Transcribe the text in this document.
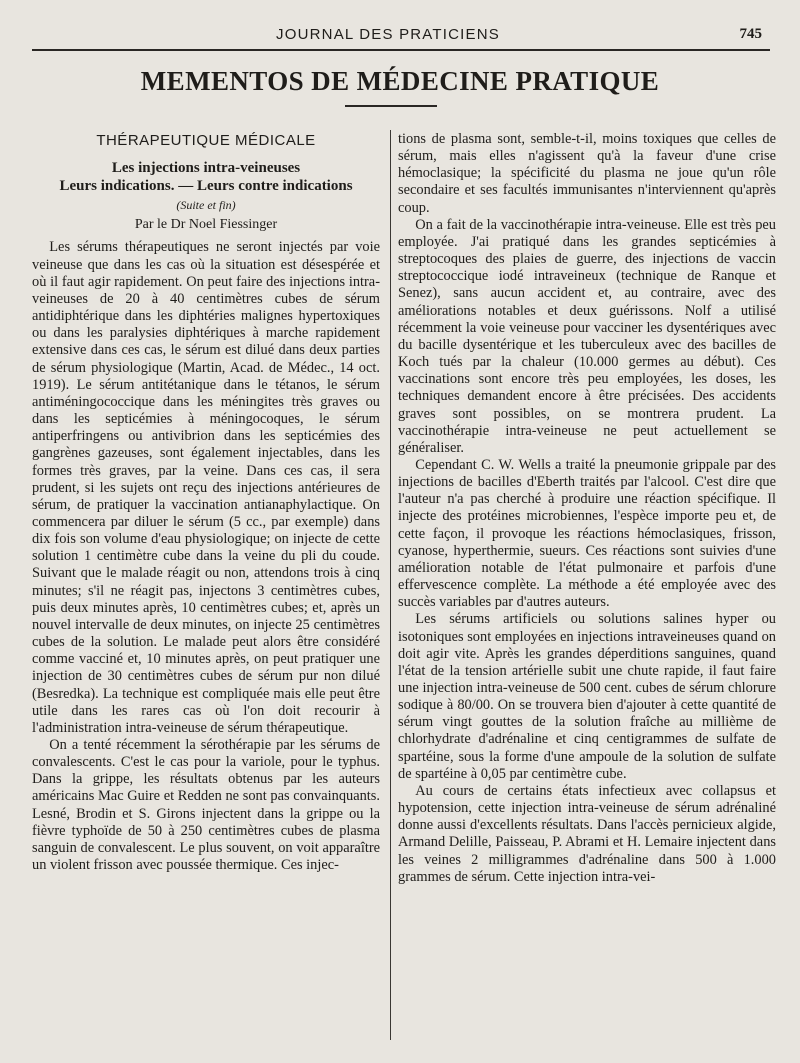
JOURNAL DES PRATICIENS	745
MEMENTOS DE MÉDECINE PRATIQUE
THÉRAPEUTIQUE MÉDICALE
Les injections intra-veineuses
Leurs indications. — Leurs contre indications
(Suite et fin)
Par le Dr Noel Fiessinger

Les sérums thérapeutiques ne seront injectés par voie veineuse que dans les cas où la situation est désespérée et où il faut agir rapidement. On peut faire des injections intra-veineuses de 20 à 40 centimètres cubes de sérum antidiphtérique dans les diphtéries malignes hypertoxiques ou dans les paralysies diphtériques à marche rapidement extensive dans ces cas, le sérum est dilué dans deux parties de sérum physiologique (Martin, Acad. de Médec., 14 oct. 1919). Le sérum antitétanique dans le tétanos, le sérum antiméningococcique dans les méningites très graves ou dans les septicémies à méningocoques, le sérum antiperfringens ou antivibrion dans les septicémies des gangrènes gazeuses, sont également injectables, dans les formes très graves, par la veine. Dans ces cas, il sera prudent, si les sujets ont reçu des injections antérieures de sérum, de pratiquer la vaccination antianaphylactique. On commencera par diluer le sérum (5 cc., par exemple) dans dix fois son volume d'eau physiologique; on injecte de cette solution 1 centimètre cube dans la veine du pli du coude. Suivant que le malade réagit ou non, attendons trois à cinq minutes; s'il ne réagit pas, injectons 3 centimètres cubes, puis deux minutes après, 10 centimètres cubes; et, après un nouvel intervalle de deux minutes, on injecte 25 centimètres cubes de la solution. Le malade peut alors être considéré comme vacciné et, 10 minutes après, on peut pratiquer une injection de 30 centimètres cubes de sérum pur non dilué (Besredka). La technique est compliquée mais elle peut être utile dans les rares cas où l'on doit recourir à l'administration intra-veineuse de sérum thérapeutique.

On a tenté récemment la sérothérapie par les sérums de convalescents. C'est le cas pour la variole, pour le typhus. Dans la grippe, les résultats obtenus par les auteurs américains Mac Guire et Redden ne sont pas convainquants. Lesné, Brodin et S. Girons injectent dans la grippe ou la fièvre typhoïde de 50 à 250 centimètres cubes de plasma sanguin de convalescent. Le plus souvent, on voit apparaître un violent frisson avec poussée thermique. Ces injec-

tions de plasma sont, semble-t-il, moins toxiques que celles de sérum, mais elles n'agissent qu'à la faveur d'une crise hémoclasique; la spécificité du plasma ne joue qu'un rôle secondaire et ses facultés immunisantes n'interviennent qu'après coup.

On a fait de la vaccinothérapie intra-veineuse. Elle est très peu employée. J'ai pratiqué dans les grandes septicémies à streptocoques des plaies de guerre, des injections de vaccin streptococcique iodé intraveineux (technique de Ranque et Senez), sans aucun accident et, au contraire, avec des améliorations notables et deux guérissons. Nolf a utilisé récemment la voie veineuse pour vacciner les dysentériques avec du bacille dysentérique et les tuberculeux avec des bacilles de Koch tués par la chaleur (10.000 germes au début). Ces vaccinations sont encore très peu employées, les doses, les techniques demandent encore à être précisées. Des accidents graves sont possibles, on se montrera prudent. La vaccinothérapie intra-veineuse ne peut actuellement se généraliser.

Cependant C. W. Wells a traité la pneumonie grippale par des injections de bacilles d'Eberth traités par l'alcool. C'est dire que l'auteur n'a pas cherché à produire une réaction spécifique. Il injecte des protéines microbiennes, l'espèce importe peu et, de cette façon, il provoque les réactions hémoclasiques, frisson, cyanose, hyperthermie, sueurs. Ces réactions sont suivies d'une amélioration notable de l'état pulmonaire et parfois d'une effervescence complète. La méthode a été employée avec des succès variables par d'autres auteurs.

Les sérums artificiels ou solutions salines hyper ou isotoniques sont employées en injections intraveineuses quand on doit agir vite. Après les grandes déperditions sanguines, quand l'état de la tension artérielle subit une chute rapide, il faut faire une injection intra-veineuse de 500 cent. cubes de sérum chlorure sodique à 80/00. On se trouvera bien d'ajouter à cette quantité de sérum vingt gouttes de la solution fraîche au millième de chlorhydrate d'adrénaline et cinq centigrammes de sulfate de spartéine, sous la forme d'une ampoule de la solution de sulfate de spartéine à 0,05 par centimètre cube.

Au cours de certains états infectieux avec collapsus et hypotension, cette injection intra-veineuse de sérum adrénaliné donne aussi d'excellents résultats. Dans l'accès pernicieux algide, Armand Delille, Paisseau, P. Abrami et H. Lemaire injectent dans les veines 2 milligrammes d'adrénaline dans 500 à 1.000 grammes de sérum. Cette injection intra-vei-
